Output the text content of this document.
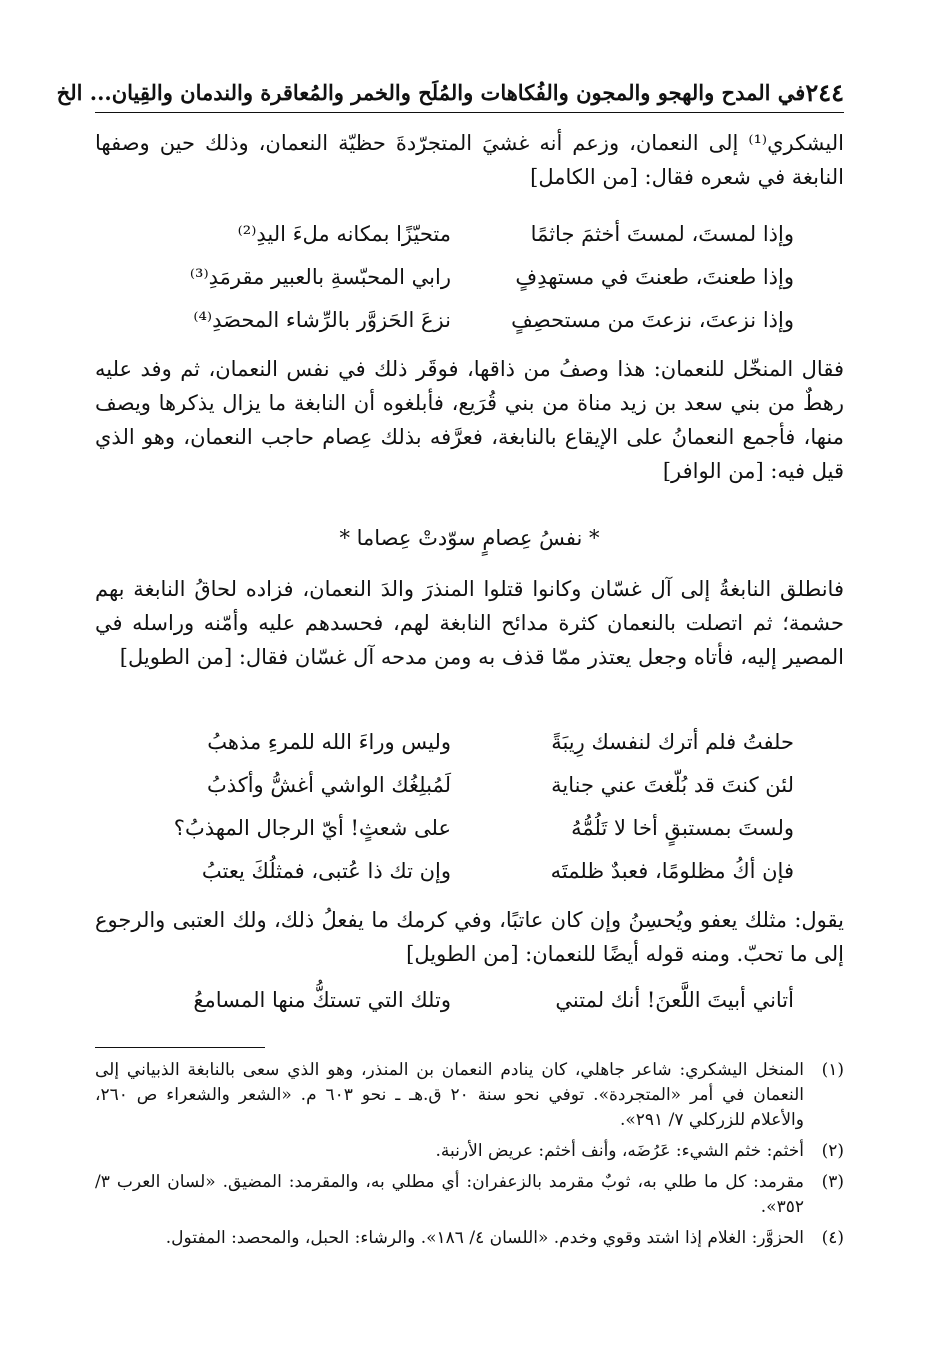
٢٤٤
في المدح والهجو والمجون والفُكاهات والمُلَح والخمر والمُعاقرة والندمان والقِيان... الخ

اليشكري⁽¹⁾ إلى النعمان، وزعم أنه غشيَ المتجرّدةَ حظيّة النعمان، وذلك حين وصفها النابغة في شعره فقال: [من الكامل]

وإذا لمستَ، لمستَ أخثمَ جاثمًا
متحيّزًا بمكانه ملءَ اليدِ⁽²⁾
وإذا طعنتَ، طعنتَ في مستهدِفٍ
رابي المحبّسةِ بالعبير مقرمَدِ⁽³⁾
وإذا نزعتَ، نزعتَ من مستحصِفٍ
نزعَ الحَزوَّر بالرِّشاء المحصَدِ⁽⁴⁾

فقال المنخّل للنعمان: هذا وصفُ من ذاقها، فوقَر ذلك في نفس النعمان، ثم وفد عليه رهطٌ من بني سعد بن زيد مناة من بني قُرَيع، فأبلغوه أن النابغة ما يزال يذكرها ويصف منها، فأجمع النعمانُ على الإيقاع بالنابغة، فعرَّفه بذلك عِصام حاجب النعمان، وهو الذي قيل فيه: [من الوافر]

* نفسُ عِصامٍ سوّدتْ عِصاما *

فانطلق النابغةُ إلى آل غسّان وكانوا قتلوا المنذرَ والدَ النعمان، فزاده لحاقُ النابغة بهم حشمة؛ ثم اتصلت بالنعمان كثرة مدائح النابغة لهم، فحسدهم عليه وأمّنه وراسله في المصير إليه، فأتاه وجعل يعتذر ممّا قذف به ومن مدحه آل غسّان فقال: [من الطويل]

حلفتُ فلم أترك لنفسك رِيبَةً
وليس وراءَ الله للمرءِ مذهبُ
لئن كنتَ قد بُلّغتَ عني جناية
لَمُبلِغُك الواشي أغشُّ وأكذبُ
ولستَ بمستبقٍ أخا لا تَلُمُّهُ
على شعثٍ! أيّ الرجال المهذبُ؟
فإن أكُ مظلومًا، فعبدٌ ظلمتَه
وإن تك ذا عُتبى، فمثلُكَ يعتبُ

يقول: مثلك يعفو ويُحسِنُ وإن كان عاتبًا، وفي كرمك ما يفعلُ ذلك، ولك العتبى والرجوع إلى ما تحبّ. ومنه قوله أيضًا للنعمان: [من الطويل]

أتاني أبيتَ اللَّعنَ! أنك لمتني
وتلك التي تستكُّ منها المسامعُ
(١)
المنخل اليشكري: شاعر جاهلي، كان ينادم النعمان بن المنذر، وهو الذي سعى بالنابغة الذبياني إلى النعمان في أمر «المتجردة». توفي نحو سنة ٢٠ ق.هـ ـ نحو ٦٠٣ م. «الشعر والشعراء ص ٢٦٠، والأعلام للزركلي ٧/ ٢٩١».
(٢)
أخثم: خثم الشيء: عَرُضَه، وأنف أخثم: عريض الأرنبة.
(٣)
مقرمد: كل ما طلي به، ثوبٌ مقرمد بالزعفران: أي مطلي به، والمقرمد: المضيق. «لسان العرب ٣/ ٣٥٢».
(٤)
الحزوَّر: الغلام إذا اشتد وقوي وخدم. «اللسان ٤/ ١٨٦». والرشاء: الحبل، والمحصد: المفتول.
